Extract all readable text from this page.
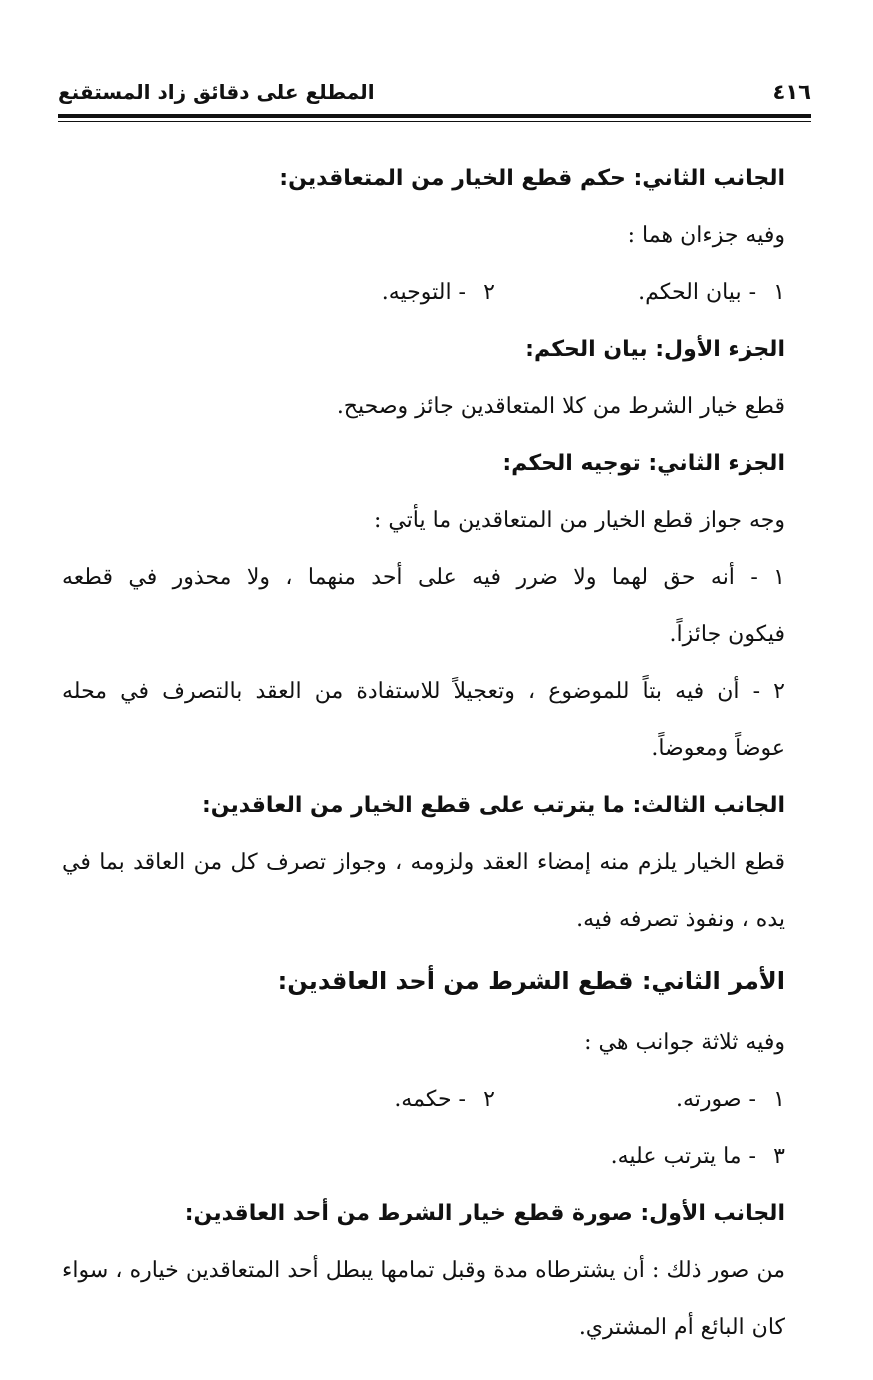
٤١٦
المطلع على دقائق زاد المستقنع
الجانب الثاني: حكم قطع الخيار من المتعاقدين:
وفيه جزءان هما :
١ - بيان الحكم.
٢ - التوجيه.
الجزء الأول: بيان الحكم:
قطع خيار الشرط من كلا المتعاقدين جائز وصحيح.
الجزء الثاني: توجيه الحكم:
وجه جواز قطع الخيار من المتعاقدين ما يأتي :
١ - أنه حق لهما ولا ضرر فيه على أحد منهما ، ولا محذور في قطعه
فيكون جائزاً.
٢ - أن فيه بتاً للموضوع ، وتعجيلاً للاستفادة من العقد بالتصرف في محله
عوضاً ومعوضاً.
الجانب الثالث: ما يترتب على قطع الخيار من العاقدين:
قطع الخيار يلزم منه إمضاء العقد ولزومه ، وجواز تصرف كل من العاقد بما في
يده ، ونفوذ تصرفه فيه.
الأمر الثاني: قطع الشرط من أحد العاقدين:
وفيه ثلاثة جوانب هي :
١ - صورته.
٢ - حكمه.
٣ - ما يترتب عليه.
الجانب الأول: صورة قطع خيار الشرط من أحد العاقدين:
من صور ذلك : أن يشترطاه مدة وقبل تمامها يبطل أحد المتعاقدين خياره ، سواء
كان البائع أم المشتري.
